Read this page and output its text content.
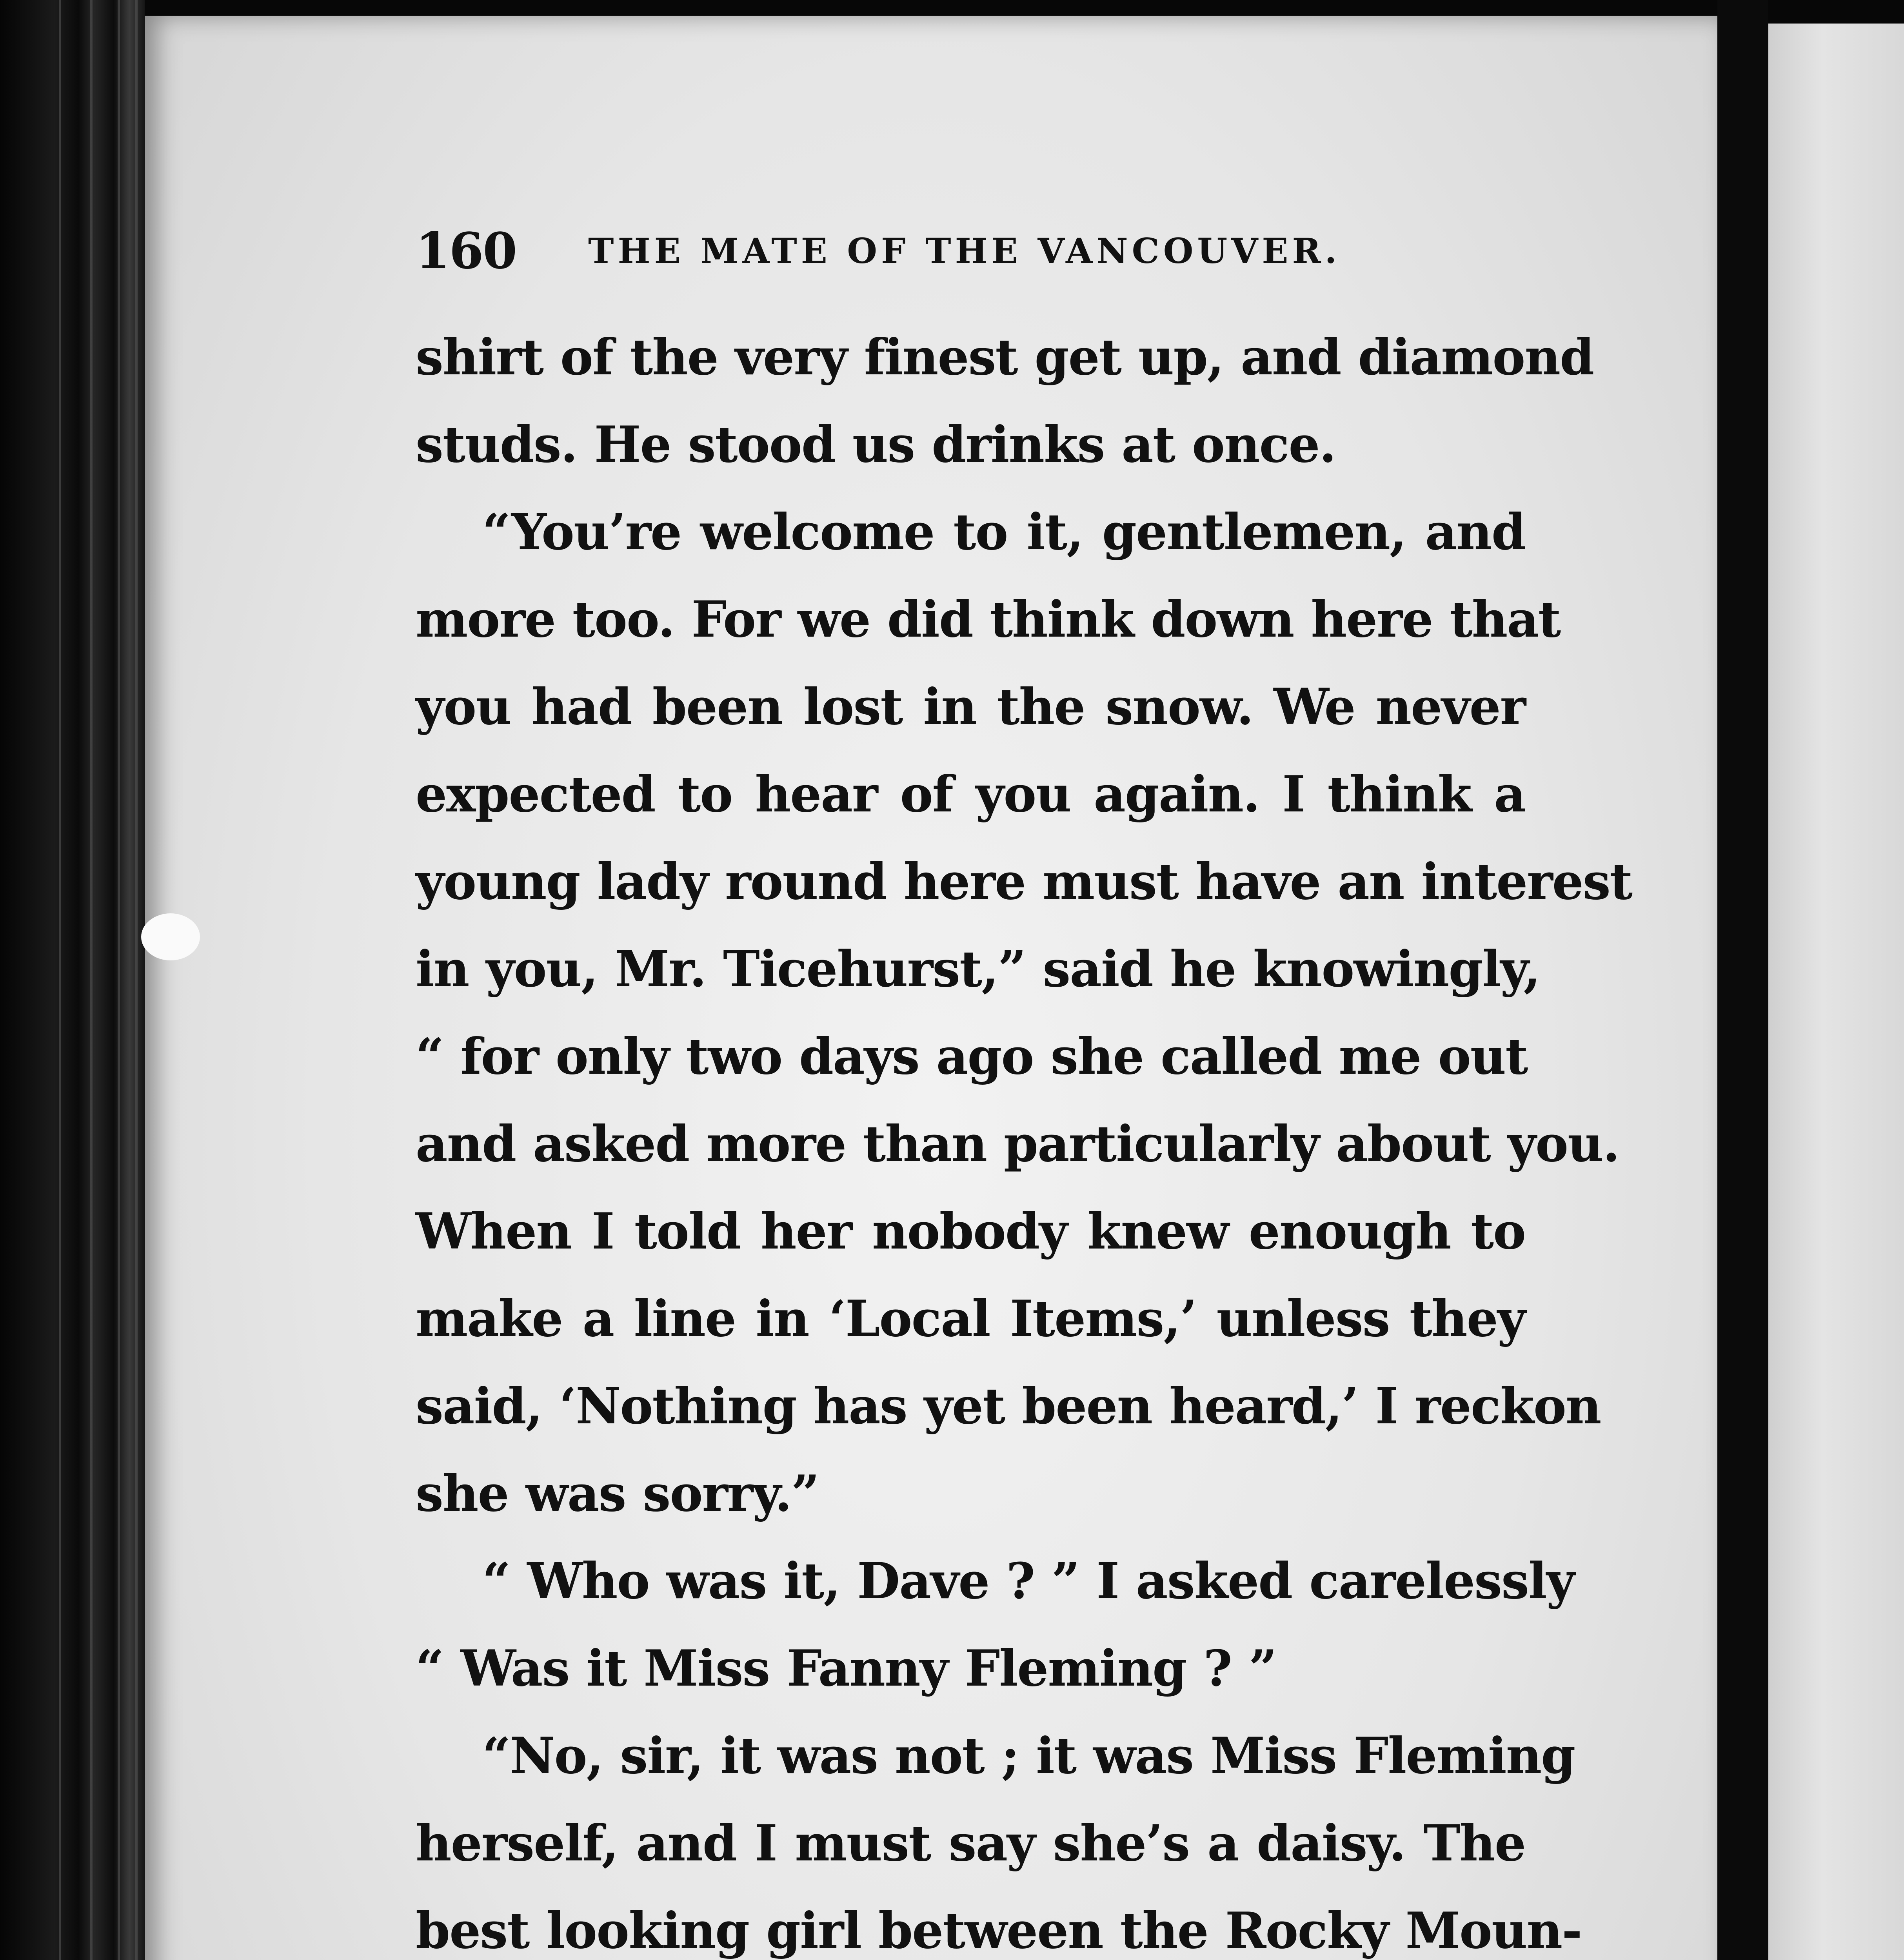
160 THE MATE OF THE VANCOUVER.
shirt of the very finest get up, and diamond
studs. He stood us drinks at once.
“You’re welcome to it, gentlemen, and
more too. For we did think down here that
you had been lost in the snow. We never
expected to hear of you again. I think a
young lady round here must have an interest
in you, Mr. Ticehurst,” said he knowingly,
“ for only two days ago she called me out
and asked more than particularly about you.
When I told her nobody knew enough to
make a line in ‘Local Items,’ unless they
said, ‘Nothing has yet been heard,’ I reckon
she was sorry.”
“ Who was it, Dave ? ” I asked carelessly
“ Was it Miss Fanny Fleming ? ”
“No, sir, it was not ; it was Miss Fleming
herself, and I must say she’s a daisy. The
best looking girl between the Rocky Moun-
